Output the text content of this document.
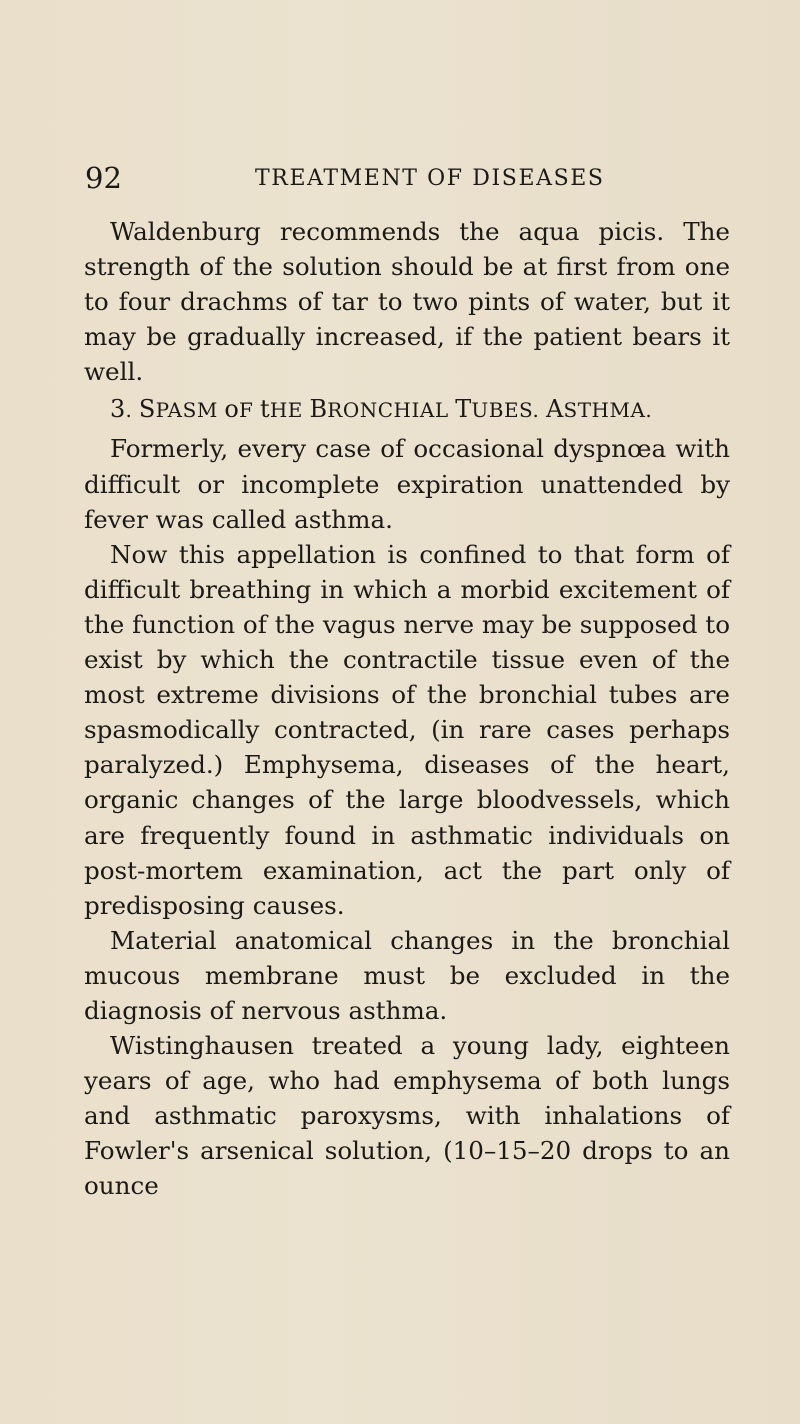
92	TREATMENT OF DISEASES

Waldenburg recommends the aqua picis. The strength of the solution should be at first from one to four drachms of tar to two pints of water, but it may be gradually increased, if the patient bears it well.

3. SPASM oF tHE BRONCHIAL TUBES. ASTHMA.

Formerly, every case of occasional dyspnœa with difficult or incomplete expiration unattended by fever was called asthma.

Now this appellation is confined to that form of difficult breathing in which a morbid excitement of the function of the vagus nerve may be supposed to exist by which the contractile tissue even of the most extreme divisions of the bronchial tubes are spasmodically contracted, (in rare cases perhaps paralyzed.) Emphysema, diseases of the heart, organic changes of the large bloodvessels, which are frequently found in asthmatic individuals on post-mortem examination, act the part only of predisposing causes.

Material anatomical changes in the bronchial mucous membrane must be excluded in the diagnosis of nervous asthma.

Wistinghausen treated a young lady, eighteen years of age, who had emphysema of both lungs and asthmatic paroxysms, with inhalations of Fowler's arsenical solution, (10–15–20 drops to an ounce
